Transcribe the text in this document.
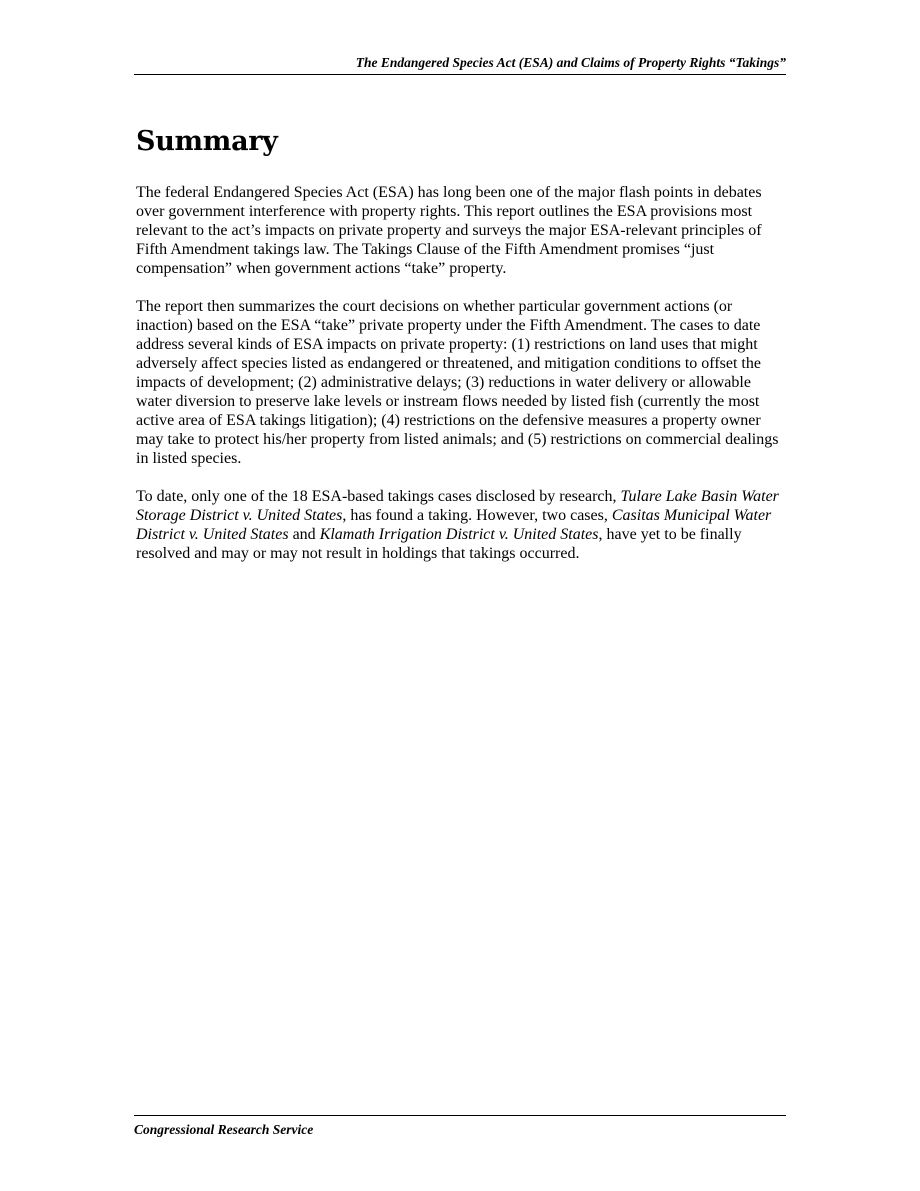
The Endangered Species Act (ESA) and Claims of Property Rights “Takings”
Summary

The federal Endangered Species Act (ESA) has long been one of the major flash points in debates over government interference with property rights. This report outlines the ESA provisions most relevant to the act’s impacts on private property and surveys the major ESA-relevant principles of Fifth Amendment takings law. The Takings Clause of the Fifth Amendment promises “just compensation” when government actions “take” property.

The report then summarizes the court decisions on whether particular government actions (or inaction) based on the ESA “take” private property under the Fifth Amendment. The cases to date address several kinds of ESA impacts on private property: (1) restrictions on land uses that might adversely affect species listed as endangered or threatened, and mitigation conditions to offset the impacts of development; (2) administrative delays; (3) reductions in water delivery or allowable water diversion to preserve lake levels or instream flows needed by listed fish (currently the most active area of ESA takings litigation); (4) restrictions on the defensive measures a property owner may take to protect his/her property from listed animals; and (5) restrictions on commercial dealings in listed species.

To date, only one of the 18 ESA-based takings cases disclosed by research, Tulare Lake Basin Water Storage District v. United States, has found a taking. However, two cases, Casitas Municipal Water District v. United States and Klamath Irrigation District v. United States, have yet to be finally resolved and may or may not result in holdings that takings occurred.

Congressional Research Service
